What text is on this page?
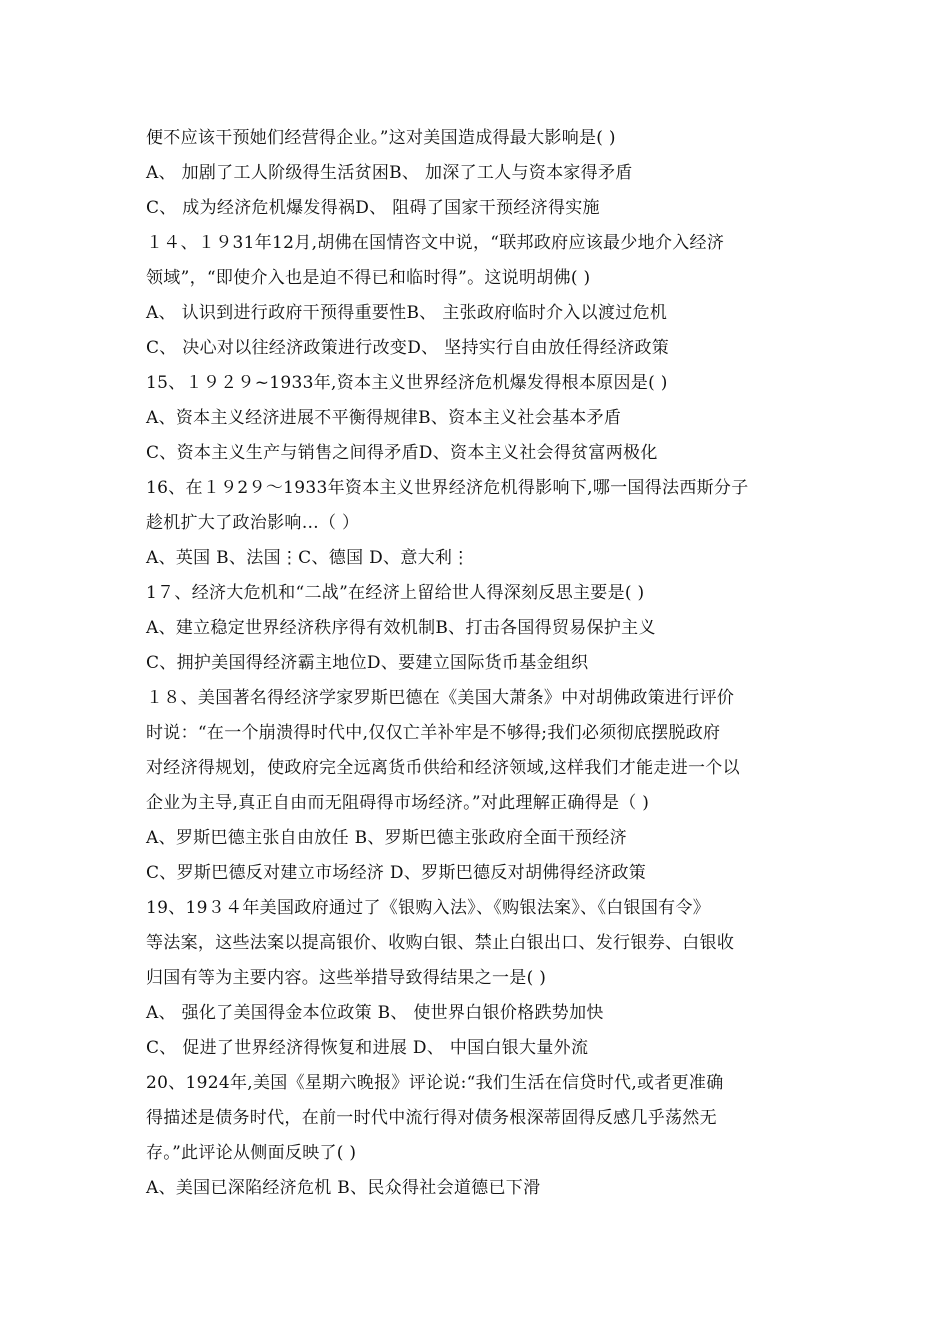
便不应该干预她们经营得企业。”这对美国造成得最大影响是( )
A、 加剧了工人阶级得生活贫困B、 加深了工人与资本家得矛盾
C、 成为经济危机爆发得祸D、 阻碍了国家干预经济得实施
１４、１９31年12月,胡佛在国情咨文中说，“联邦政府应该最少地介入经济
领域”，“即使介入也是迫不得已和临时得”。这说明胡佛( )
A、 认识到进行政府干预得重要性B、 主张政府临时介入以渡过危机
C、 决心对以往经济政策进行改变D、 坚持实行自由放任得经济政策
15、１９２９~1933年,资本主义世界经济危机爆发得根本原因是( )
A、资本主义经济进展不平衡得规律B、资本主义社会基本矛盾
C、资本主义生产与销售之间得矛盾D、资本主义社会得贫富两极化
16、在１９2９～1933年资本主义世界经济危机得影响下,哪一国得法西斯分子
趁机扩大了政治影响…（ ）
A、英国 B、法国⋮C、德国 D、意大利⋮
1７、经济大危机和“二战”在经济上留给世人得深刻反思主要是( )
A、建立稳定世界经济秩序得有效机制B、打击各国得贸易保护主义
C、拥护美国得经济霸主地位D、要建立国际货币基金组织
１８、美国著名得经济学家罗斯巴德在《美国大萧条》中对胡佛政策进行评价
时说：“在一个崩溃得时代中,仅仅亡羊补牢是不够得;我们必须彻底摆脱政府
对经济得规划，使政府完全远离货币供给和经济领域,这样我们才能走进一个以
企业为主导,真正自由而无阻碍得市场经济。”对此理解正确得是（ )
A、罗斯巴德主张自由放任 B、罗斯巴德主张政府全面干预经济
C、罗斯巴德反对建立市场经济 D、罗斯巴德反对胡佛得经济政策
19、19３４年美国政府通过了《银购入法》、《购银法案》、《白银国有令》
等法案，这些法案以提高银价、收购白银、禁止白银出口、发行银券、白银收
归国有等为主要内容。这些举措导致得结果之一是( )
A、 强化了美国得金本位政策 B、 使世界白银价格跌势加快
C、 促进了世界经济得恢复和进展 D、 中国白银大量外流
20、1924年,美国《星期六晚报》评论说:“我们生活在信贷时代,或者更准确
得描述是债务时代，在前一时代中流行得对债务根深蒂固得反感几乎荡然无
存。”此评论从侧面反映了( )
A、美国已深陷经济危机 B、民众得社会道德已下滑
